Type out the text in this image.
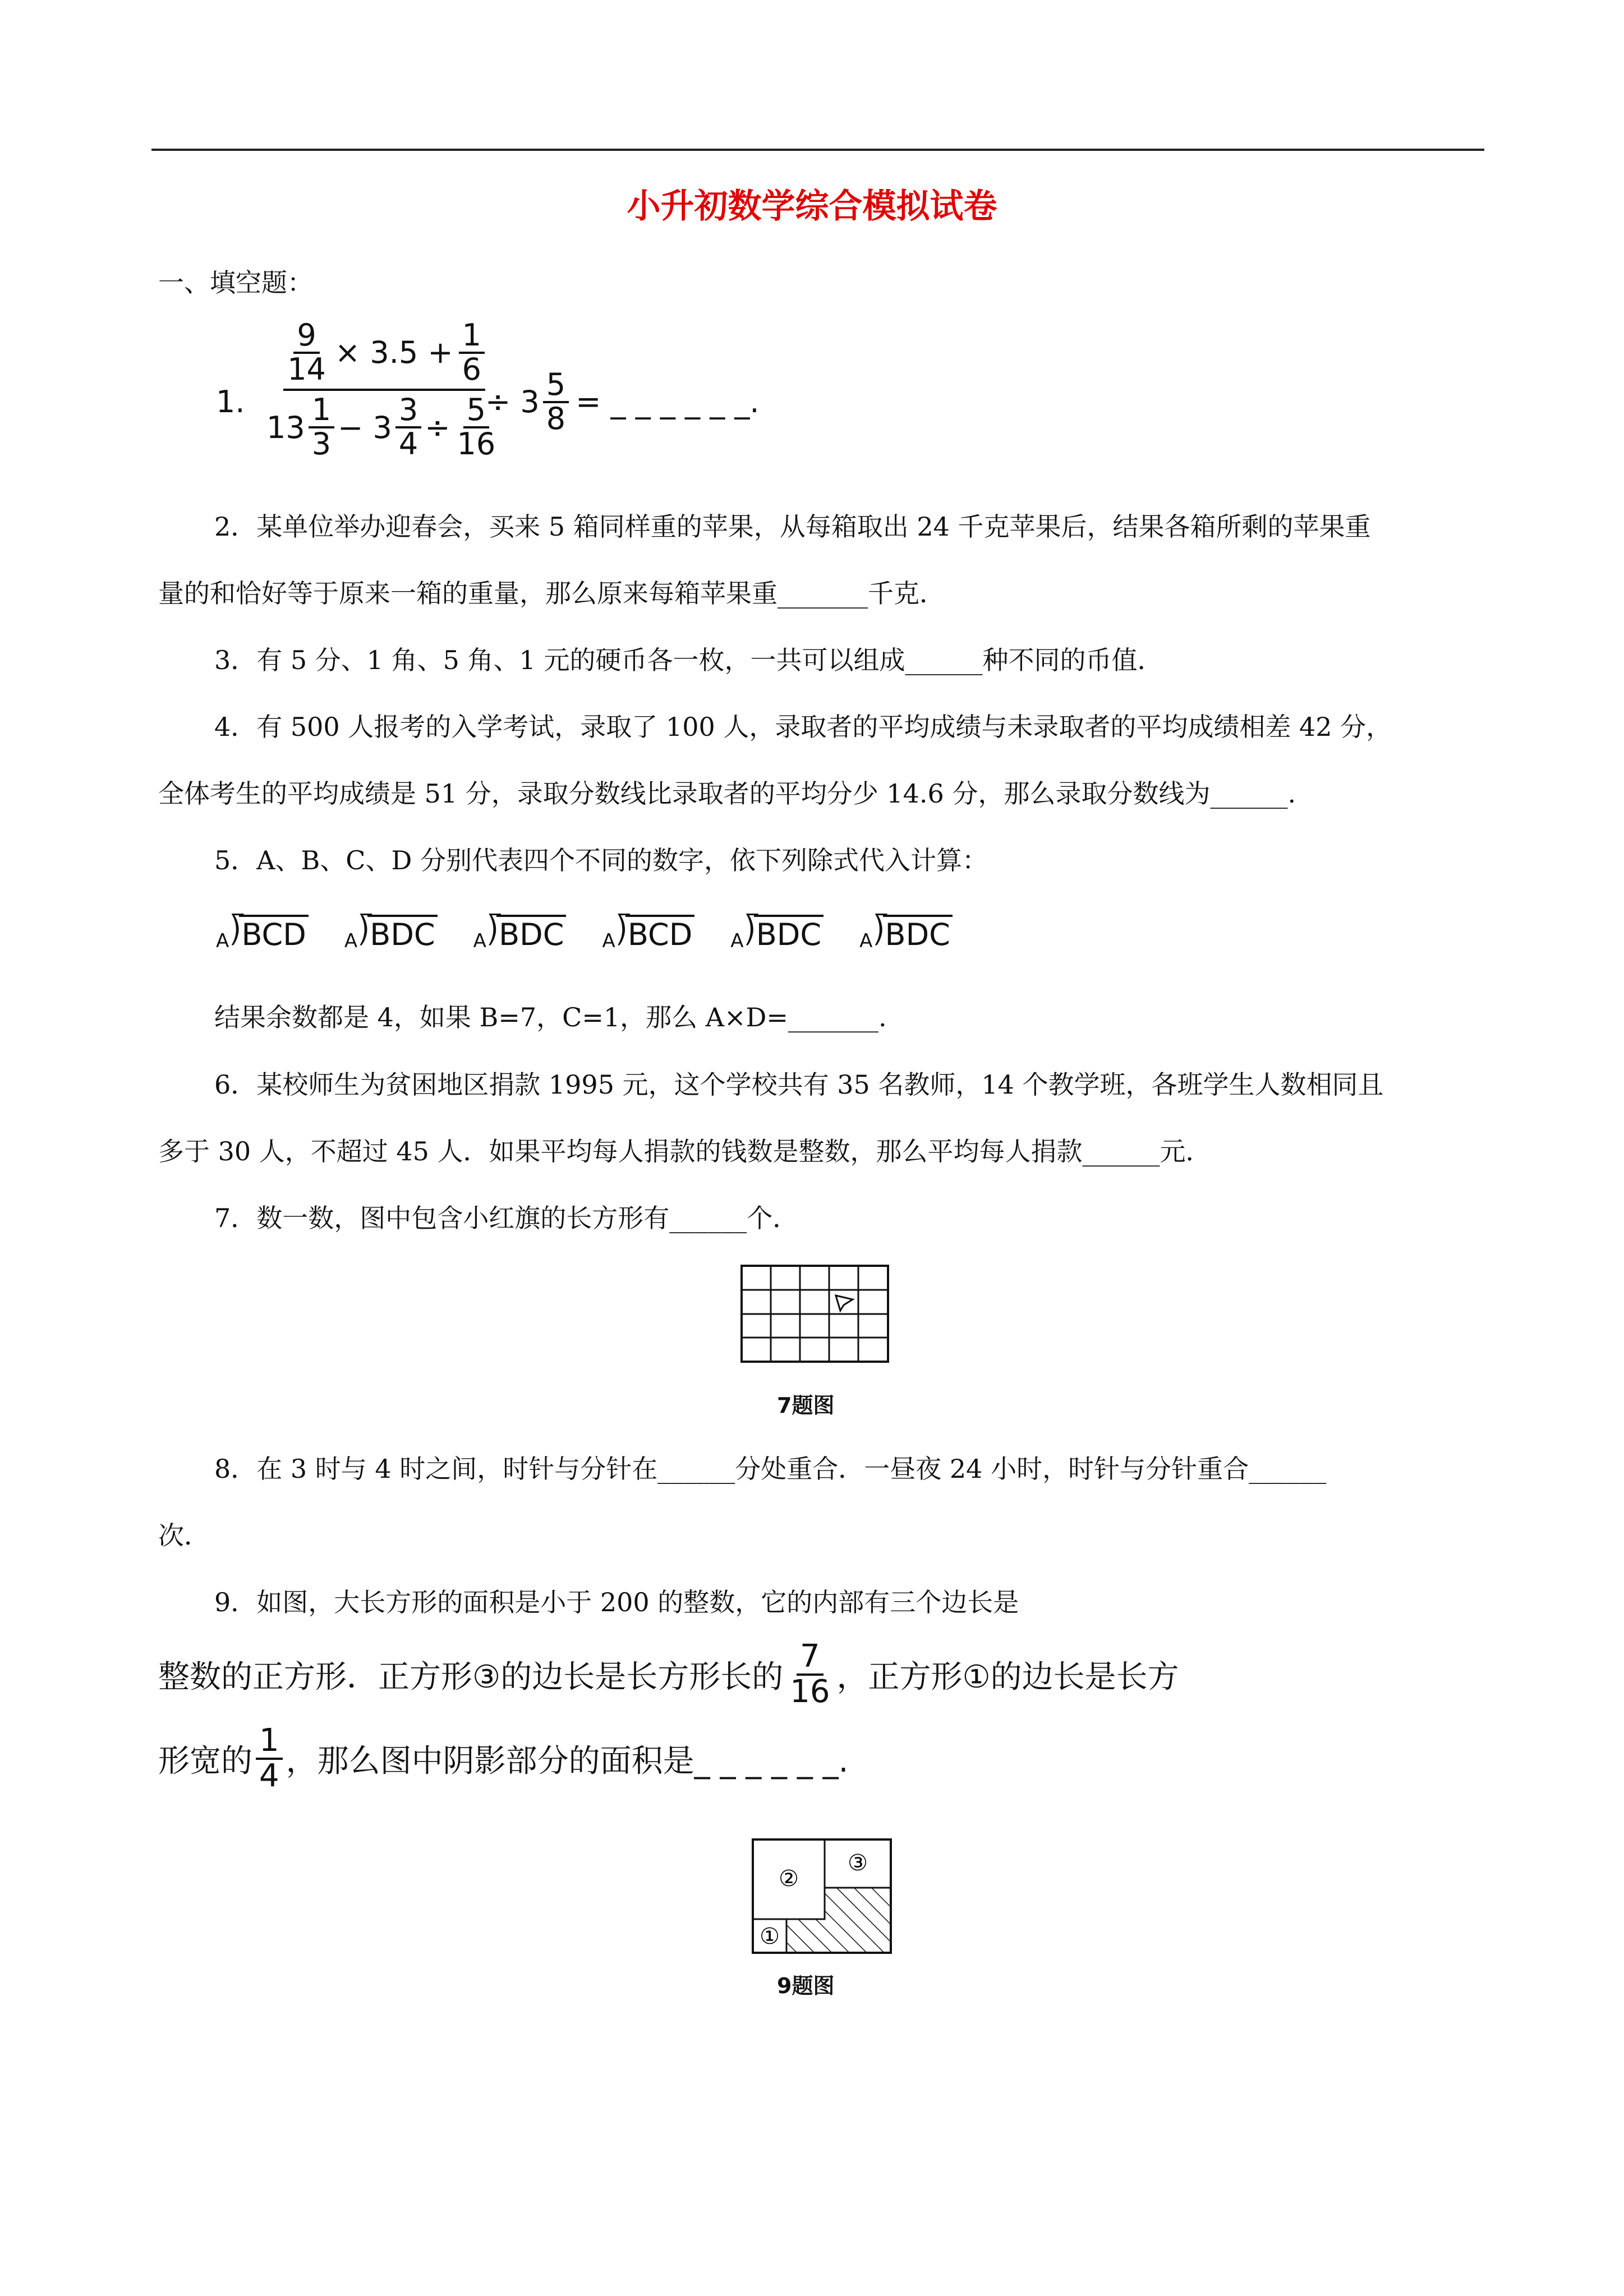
小升初数学综合模拟试卷
一、填空题：
1.
$\frac{9}{14} \times 3.5 + \frac{1}{6}$
$13 \frac{1}{3} - 3 \frac{3}{4} \div \frac{5}{16}$
÷ $3 \frac{5}{8}$ = _ _ _ _ _ _.
2．某单位举办迎春会，买来 5 箱同样重的苹果，从每箱取出 24 千克苹果后，结果各箱所剩的苹果重
量的和恰好等于原来一箱的重量，那么原来每箱苹果重_______千克．
3．有 5 分、1 角、5 角、1 元的硬币各一枚，一共可以组成______种不同的币值．
4．有 500 人报考的入学考试，录取了 100 人，录取者的平均成绩与未录取者的平均成绩相差 42 分，
全体考生的平均成绩是 51 分，录取分数线比录取者的平均分少 14.6 分，那么录取分数线为______.
5．A、B、C、D 分别代表四个不同的数字，依下列除式代入计算：
A ⟌
BCD A ⟌
BDC A ⟌
BDC A ⟌
BCD A ⟌
BDC A ⟌
BDC
结果余数都是 4，如果 B=7，C=1，那么 A×D=_______.
6．某校师生为贫困地区捐款 1995 元，这个学校共有 35 名教师，14 个教学班，各班学生人数相同且
多于 30 人，不超过 45 人．如果平均每人捐款的钱数是整数，那么平均每人捐款______元．
7．数一数，图中包含小红旗的长方形有______个．
7题图
8．在 3 时与 4 时之间，时针与分针在______分处重合．一昼夜 24 小时，时针与分针重合______
次．
9．如图，大长方形的面积是小于 200 的整数，它的内部有三个边长是
整数的正方形．正方形③的边长是长方形长的 $\frac{7}{16}$ ，正方形①的边长是长方
形宽的 $\frac{1}{4}$ ，那么图中阴影部分的面积是_ _ _ _ _ _.
②
③
①
9题图
